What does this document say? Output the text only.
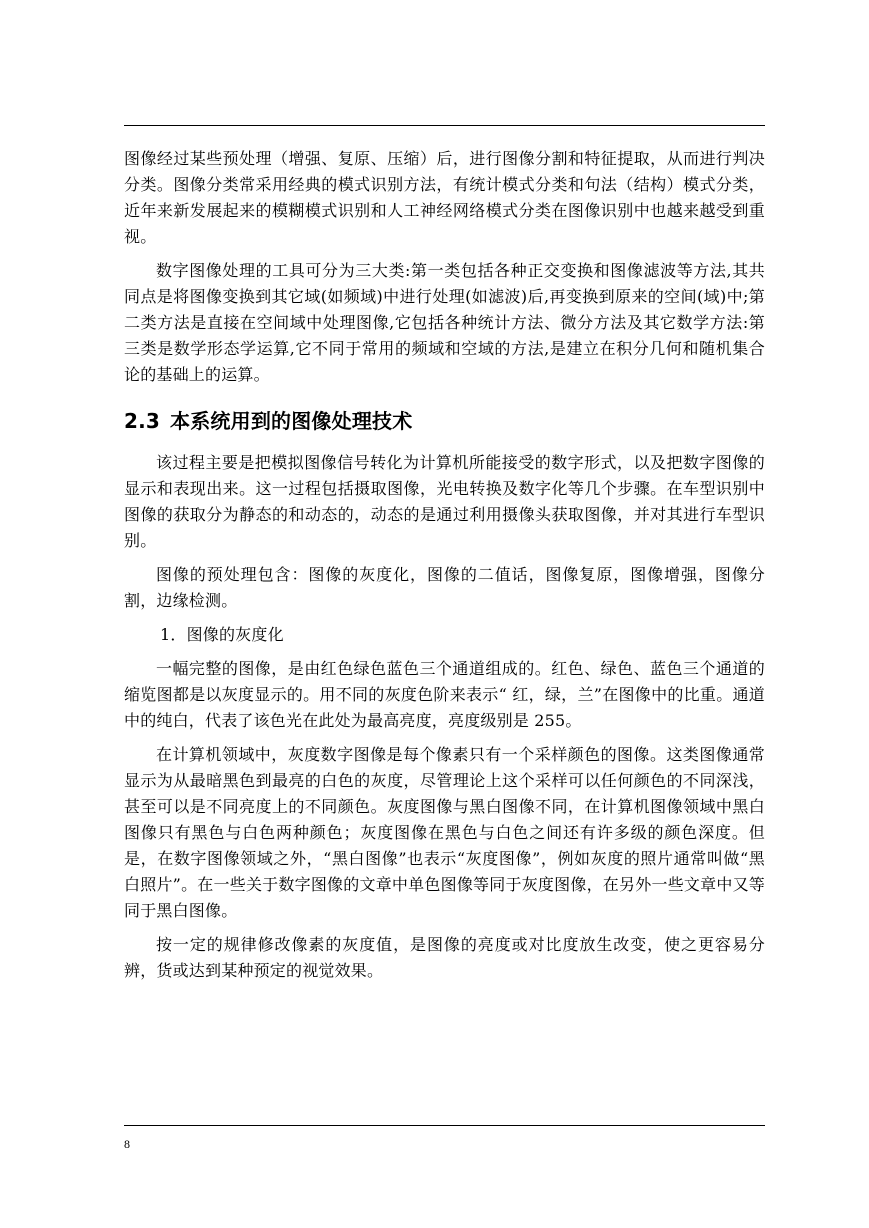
图像经过某些预处理（增强、复原、压缩）后，进行图像分割和特征提取，从而进行判决分类。图像分类常采用经典的模式识别方法，有统计模式分类和句法（结构）模式分类，近年来新发展起来的模糊模式识别和人工神经网络模式分类在图像识别中也越来越受到重视。

数字图像处理的工具可分为三大类:第一类包括各种正交变换和图像滤波等方法,其共同点是将图像变换到其它域(如频域)中进行处理(如滤波)后,再变换到原来的空间(域)中;第二类方法是直接在空间域中处理图像,它包括各种统计方法、微分方法及其它数学方法:第三类是数学形态学运算,它不同于常用的频域和空域的方法,是建立在积分几何和随机集合论的基础上的运算。

2.3 本系统用到的图像处理技术

该过程主要是把模拟图像信号转化为计算机所能接受的数字形式，以及把数字图像的显示和表现出来。这一过程包括摄取图像，光电转换及数字化等几个步骤。在车型识别中图像的获取分为静态的和动态的，动态的是通过利用摄像头获取图像，并对其进行车型识别。

图像的预处理包含：图像的灰度化，图像的二值话，图像复原，图像增强，图像分割，边缘检测。

1．图像的灰度化

一幅完整的图像，是由红色绿色蓝色三个通道组成的。红色、绿色、蓝色三个通道的缩览图都是以灰度显示的。用不同的灰度色阶来表示“ 红，绿，兰”在图像中的比重。通道中的纯白，代表了该色光在此处为最高亮度，亮度级别是 255。

在计算机领域中，灰度数字图像是每个像素只有一个采样颜色的图像。这类图像通常显示为从最暗黑色到最亮的白色的灰度，尽管理论上这个采样可以任何颜色的不同深浅，甚至可以是不同亮度上的不同颜色。灰度图像与黑白图像不同，在计算机图像领域中黑白图像只有黑色与白色两种颜色；灰度图像在黑色与白色之间还有许多级的颜色深度。但是，在数字图像领域之外，“黑白图像”也表示“灰度图像”，例如灰度的照片通常叫做“黑白照片”。在一些关于数字图像的文章中单色图像等同于灰度图像，在另外一些文章中又等同于黑白图像。

按一定的规律修改像素的灰度值，是图像的亮度或对比度放生改变，使之更容易分辨，货或达到某种预定的视觉效果。

8
